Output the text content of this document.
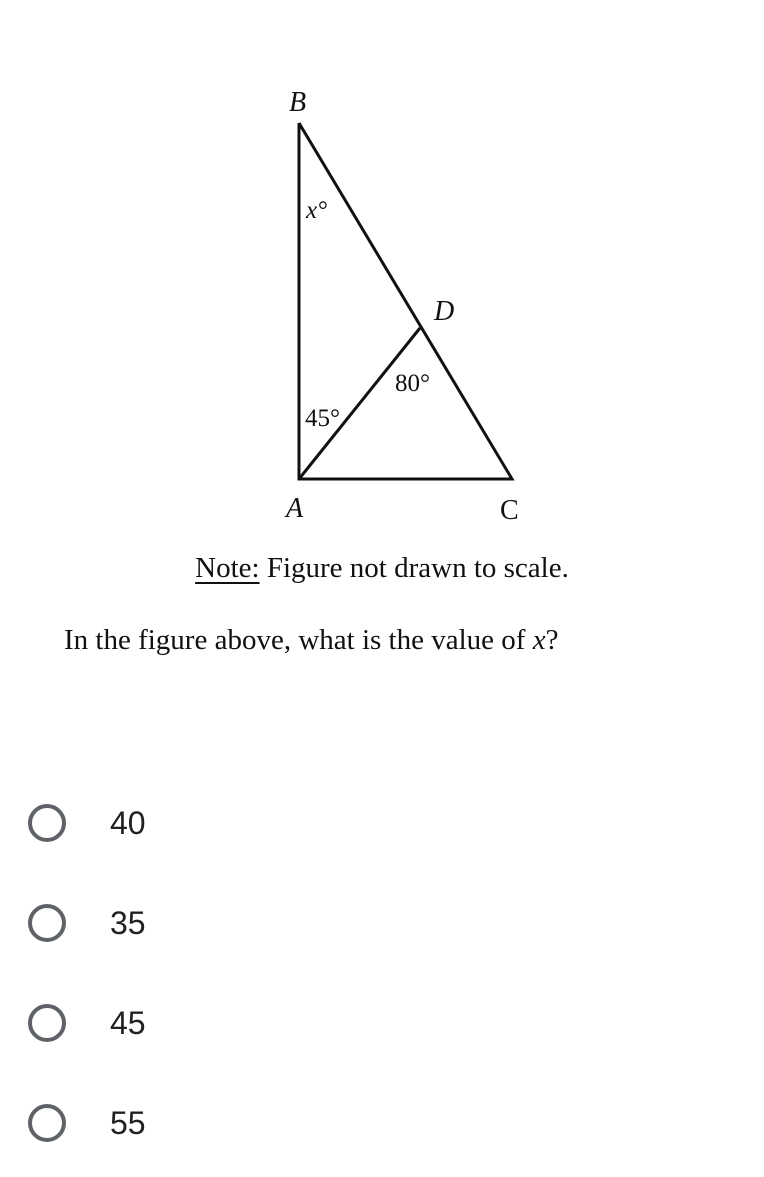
B
D
A	C
x°
80°
45°
Note: Figure not drawn to scale.
In the figure above, what is the value of x?
40
35
45
55
